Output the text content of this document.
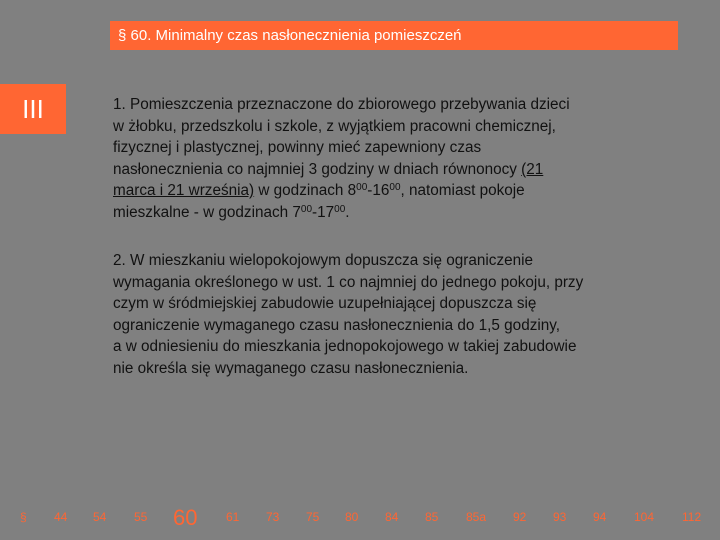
§ 60. Minimalny czas nasłonecznienia pomieszczeń
III	1. Pomieszczenia przeznaczone do zbiorowego przebywania dzieci
w żłobku, przedszkolu i szkole, z wyjątkiem pracowni chemicznej,
fizycznej i plastycznej, powinny mieć zapewniony czas
nasłonecznienia co najmniej 3 godziny w dniach równonocy (21
marca i 21 września) w godzinach $8^{00}-16^{00}$, natomiast pokoje
mieszkalne - w godzinach $7^{00}-17^{00}$.
2. W mieszkaniu wielopokojowym dopuszcza się ograniczenie
wymagania określonego w ust. 1 co najmniej do jednego pokoju, przy
czym w śródmiejskiej zabudowie uzupełniającej dopuszcza się
ograniczenie wymaganego czasu nasłonecznienia do 1,5 godziny,
a w odniesieniu do mieszkania jednopokojowego w takiej zabudowie
nie określa się wymaganego czasu nasłonecznienia.
§ 44 54 55 60 61 73 75 80 84 85 85a 92 93 94 104 112
